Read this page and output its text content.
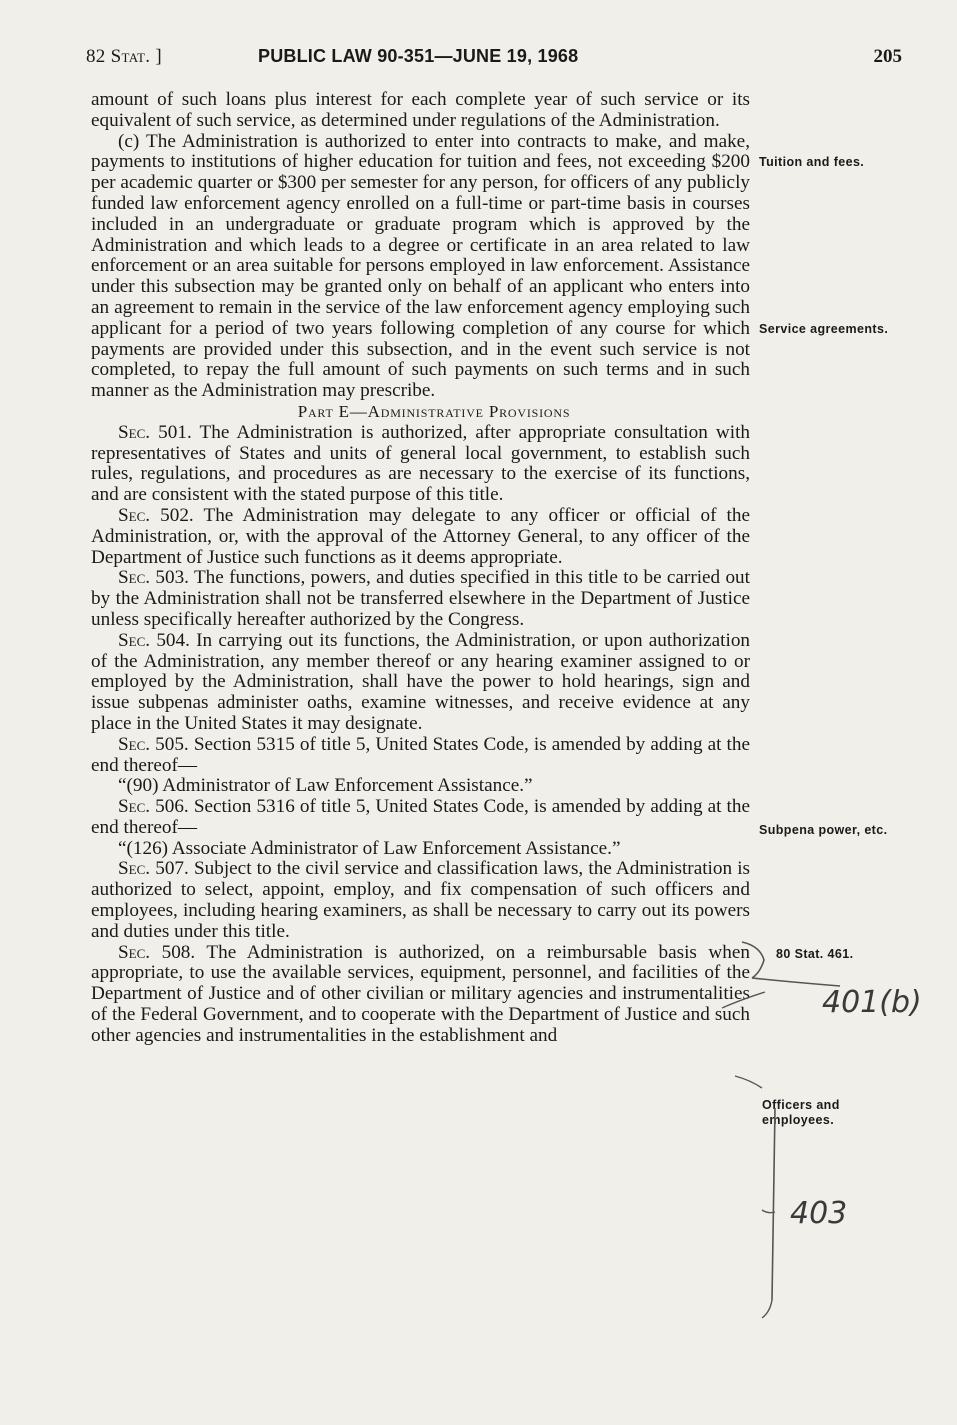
82 Stat. ]	PUBLIC LAW 90-351—JUNE 19, 1968	205

amount of such loans plus interest for each complete year of such service or its equivalent of such service, as determined under regulations of the Administration.

(c) The Administration is authorized to enter into contracts to make, and make, payments to institutions of higher education for tuition and fees, not exceeding $200 per academic quarter or $300 per semester for any person, for officers of any publicly funded law enforcement agency enrolled on a full-time or part-time basis in courses included in an undergraduate or graduate program which is approved by the Administration and which leads to a degree or certificate in an area related to law enforcement or an area suitable for persons employed in law enforcement. Assistance under this subsection may be granted only on behalf of an applicant who enters into an agreement to remain in the service of the law enforcement agency employing such applicant for a period of two years following completion of any course for which payments are provided under this subsection, and in the event such service is not completed, to repay the full amount of such payments on such terms and in such manner as the Administration may prescribe.

Part E—Administrative Provisions

Sec. 501. The Administration is authorized, after appropriate consultation with representatives of States and units of general local government, to establish such rules, regulations, and procedures as are necessary to the exercise of its functions, and are consistent with the stated purpose of this title.

Sec. 502. The Administration may delegate to any officer or official of the Administration, or, with the approval of the Attorney General, to any officer of the Department of Justice such functions as it deems appropriate.

Sec. 503. The functions, powers, and duties specified in this title to be carried out by the Administration shall not be transferred elsewhere in the Department of Justice unless specifically hereafter authorized by the Congress.

Sec. 504. In carrying out its functions, the Administration, or upon authorization of the Administration, any member thereof or any hearing examiner assigned to or employed by the Administration, shall have the power to hold hearings, sign and issue subpenas administer oaths, examine witnesses, and receive evidence at any place in the United States it may designate.

Sec. 505. Section 5315 of title 5, United States Code, is amended by adding at the end thereof—

“(90) Administrator of Law Enforcement Assistance.”

Sec. 506. Section 5316 of title 5, United States Code, is amended by adding at the end thereof—

“(126) Associate Administrator of Law Enforcement Assistance.”

Sec. 507. Subject to the civil service and classification laws, the Administration is authorized to select, appoint, employ, and fix compensation of such officers and employees, including hearing examiners, as shall be necessary to carry out its powers and duties under this title.

Sec. 508. The Administration is authorized, on a reimbursable basis when appropriate, to use the available services, equipment, personnel, and facilities of the Department of Justice and of other civilian or military agencies and instrumentalities of the Federal Government, and to cooperate with the Department of Justice and such other agencies and instrumentalities in the establishment and

Tuition and fees.
Service agreements.
Subpena power, etc.
80 Stat. 461.
Officers and employees.
401(b)
403
